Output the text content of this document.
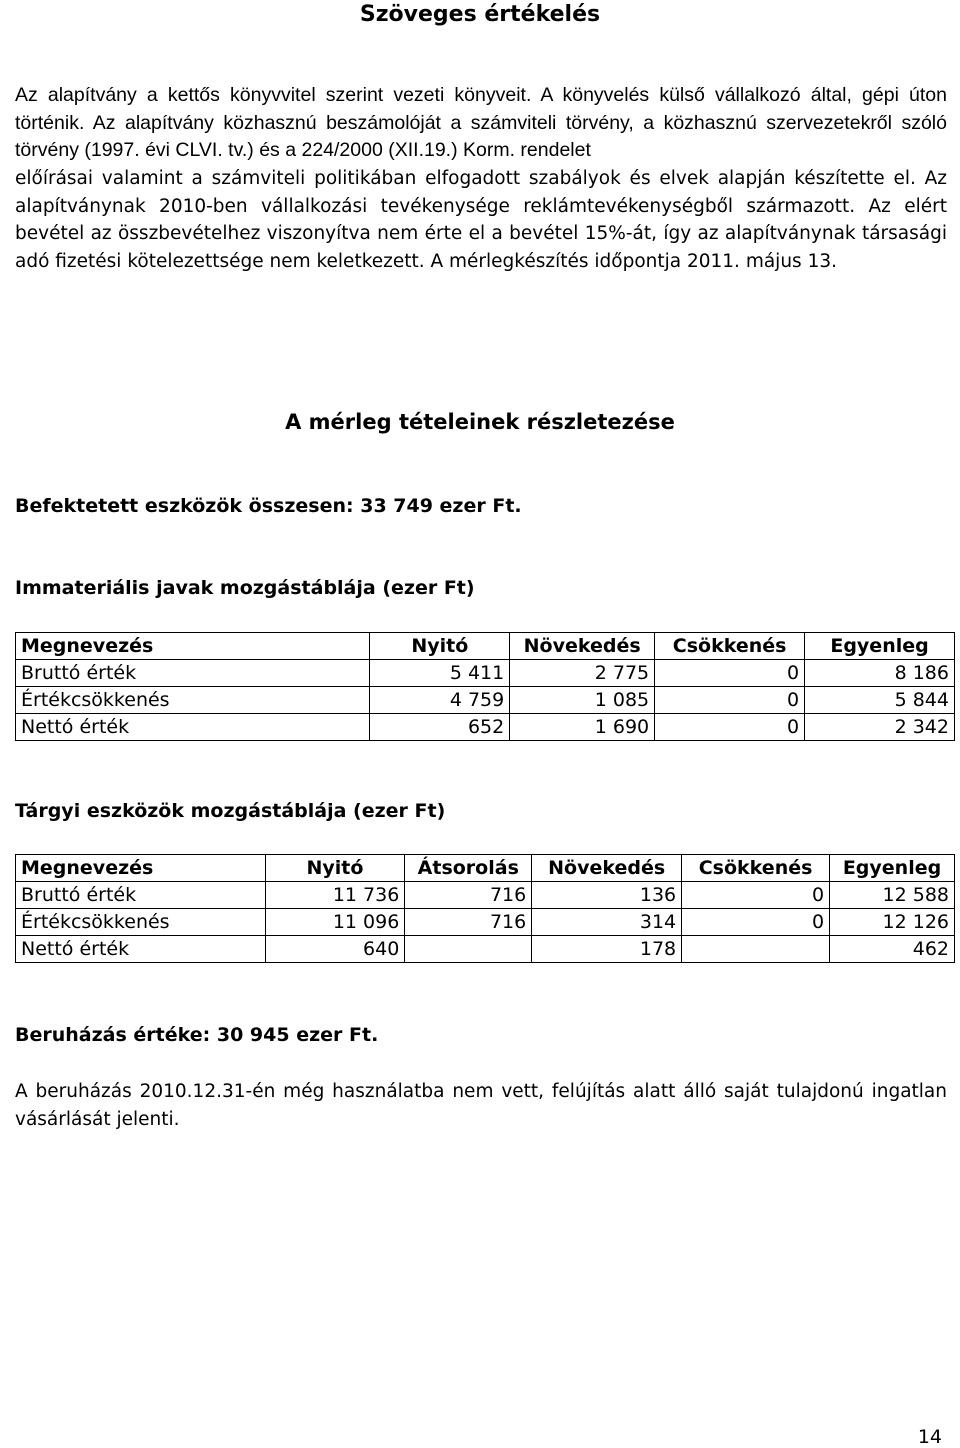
Szöveges értékelés
Az alapítvány a kettős könyvvitel szerint vezeti könyveit. A könyvelés külső vállalkozó által, gépi úton történik. Az alapítvány közhasznú beszámolóját a számviteli törvény, a közhasznú szervezetekről szóló törvény (1997. évi CLVI. tv.) és a 224/2000 (XII.19.) Korm. rendelet
előírásai valamint a számviteli politikában elfogadott szabályok és elvek alapján készítette el. Az alapítványnak 2010-ben vállalkozási tevékenysége reklámtevékenységből származott. Az elért bevétel az összbevételhez viszonyítva nem érte el a bevétel 15%-át, így az alapítványnak társasági adó fizetési kötelezettsége nem keletkezett. A mérlegkészítés időpontja 2011. május 13.
A mérleg tételeinek részletezése
Befektetett eszközök összesen: 33 749 ezer Ft.
Immateriális javak mozgástáblája (ezer Ft)
Megnevezés	Nyitó	Növekedés	Csökkenés	Egyenleg
Bruttó érték	5 411	2 775	0	8 186
Értékcsökkenés	4 759	1 085	0	5 844
Nettó érték	652	1 690	0	2 342
Tárgyi eszközök mozgástáblája (ezer Ft)
Megnevezés	Nyitó	Átsorolás	Növekedés	Csökkenés	Egyenleg
Bruttó érték	11 736	716	136	0	12 588
Értékcsökkenés	11 096	716	314	0	12 126
Nettó érték	640		178		462
Beruházás értéke: 30 945 ezer Ft.
A beruházás 2010.12.31-én még használatba nem vett, felújítás alatt álló saját tulajdonú ingatlan vásárlását jelenti.
14
